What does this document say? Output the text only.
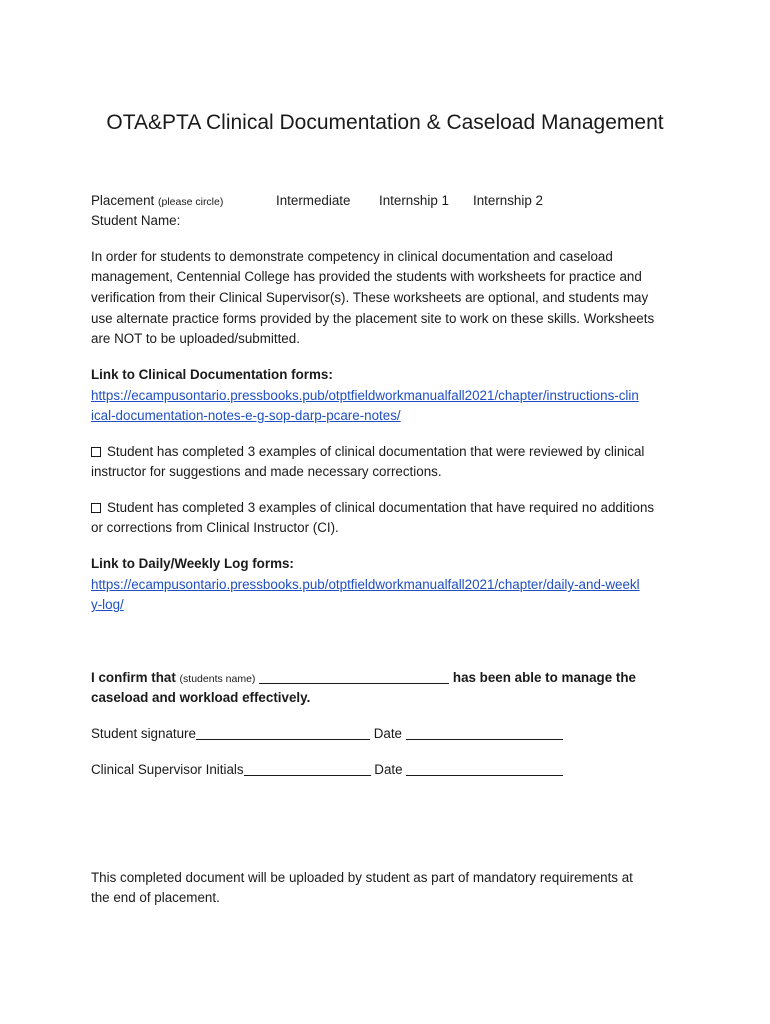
OTA&PTA Clinical Documentation & Caseload Management
Placement (please circle)	Intermediate Internship 1 Internship 2
Student Name:
In order for students to demonstrate competency in clinical documentation and caseload
management, Centennial College has provided the students with worksheets for practice and
verification from their Clinical Supervisor(s). These worksheets are optional, and students may
use alternate practice forms provided by the placement site to work on these skills. Worksheets
are NOT to be uploaded/submitted.
Link to Clinical Documentation forms:
https://ecampusontario.pressbooks.pub/otptfieldworkmanualfall2021/chapter/instructions-clin
ical-documentation-notes-e-g-sop-darp-pcare-notes/
Student has completed 3 examples of clinical documentation that were reviewed by clinical
instructor for suggestions and made necessary corrections.
Student has completed 3 examples of clinical documentation that have required no additions
or corrections from Clinical Instructor (CI).
Link to Daily/Weekly Log forms:
https://ecampusontario.pressbooks.pub/otptfieldworkmanualfall2021/chapter/daily-and-weekl
y-log/
I confirm that (students name)	has been able to manage the
caseload and workload effectively.
Student signature	Date
Clinical Supervisor Initials	Date
This completed document will be uploaded by student as part of mandatory requirements at
the end of placement.
